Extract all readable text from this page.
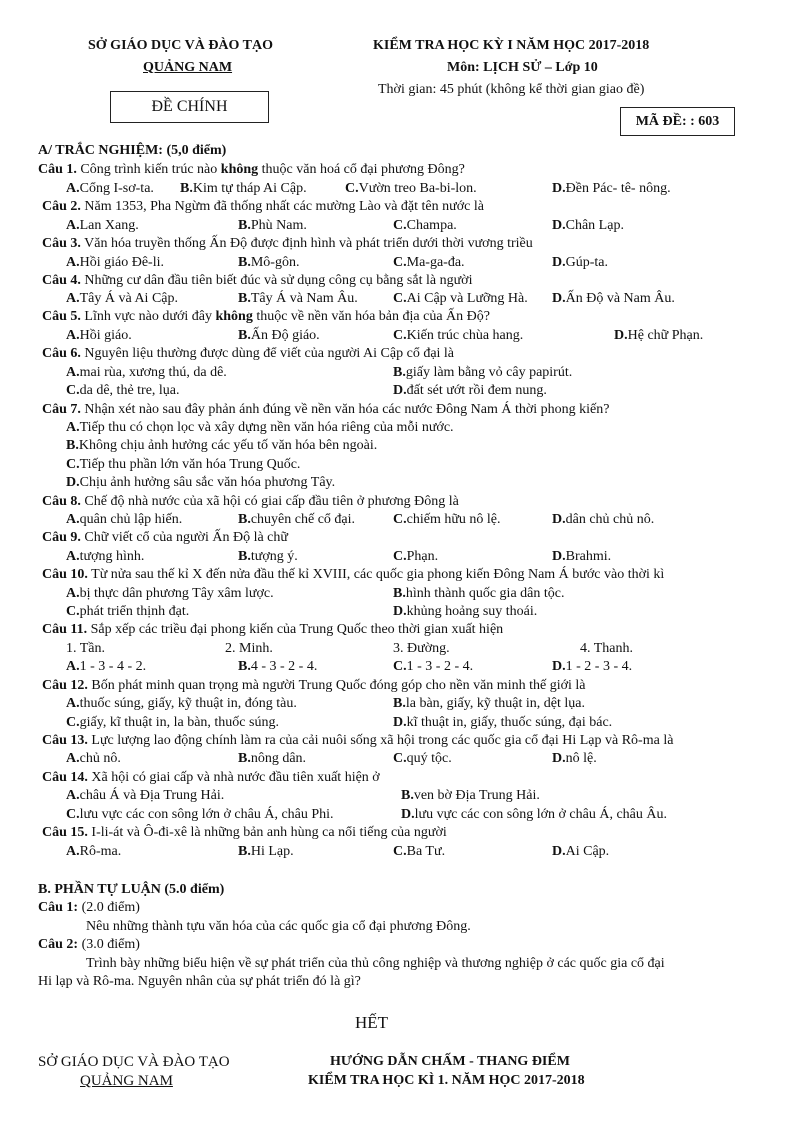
SỞ GIÁO DỤC VÀ ĐÀO TẠO
QUẢNG NAM
ĐỀ CHÍNH
KIỂM TRA HỌC KỲ I NĂM HỌC 2017-2018
Môn: LỊCH SỬ – Lớp 10
Thời gian: 45 phút (không kể thời gian giao đề)
MÃ ĐỀ: : 603
A/ TRẮC NGHIỆM: (5,0 điểm)
Câu 1. Công trình kiến trúc nào không thuộc văn hoá cổ đại phương Đông?
A.Cổng I-sơ-ta. B.Kim tự tháp Ai Cập.	C.Vườn treo Ba-bi-lon.	D.Đền Pác- tê- nông.
Câu 2. Năm 1353, Pha Ngừm đã thống nhất các mường Lào và đặt tên nước là
A.Lan Xang.	B.Phù Nam.	C.Champa.	D.Chân Lạp.
Câu 3. Văn hóa truyền thống Ấn Độ được định hình và phát triển dưới thời vương triều
A.Hồi giáo Đê-li.	B.Mô-gôn.	C.Ma-ga-đa.	D.Gúp-ta.
Câu 4. Những cư dân đầu tiên biết đúc và sử dụng công cụ bằng sắt là người
A.Tây Á và Ai Cập.	B.Tây Á và Nam Âu.	C.Ai Cập và Lưỡng Hà. D.Ấn Độ và Nam Âu.
Câu 5. Lĩnh vực nào dưới đây không thuộc về nền văn hóa bản địa của Ấn Độ?
A.Hồi giáo.	B.Ấn Độ giáo.	C.Kiến trúc chùa hang.	D.Hệ chữ Phạn.
Câu 6. Nguyên liệu thường được dùng để viết của người Ai Cập cổ đại là
A.mai rùa, xương thú, da dê.	B.giấy làm bằng vỏ cây papirút.
C.da dê, thẻ tre, lụa.	D.đất sét ướt rồi đem nung.
Câu 7. Nhận xét nào sau đây phản ánh đúng về nền văn hóa các nước Đông Nam Á thời phong kiến?
A.Tiếp thu có chọn lọc và xây dựng nền văn hóa riêng của mỗi nước.
B.Không chịu ảnh hưởng các yếu tố văn hóa bên ngoài.
C.Tiếp thu phần lớn văn hóa Trung Quốc.
D.Chịu ảnh hưởng sâu sắc văn hóa phương Tây.
Câu 8. Chế độ nhà nước của xã hội có giai cấp đầu tiên ở phương Đông là
A.quân chủ lập hiến.	B.chuyên chế cổ đại.	C.chiếm hữu nô lệ.	D.dân chủ chủ nô.
Câu 9. Chữ viết cổ của người Ấn Độ là chữ
A.tượng hình.	B.tượng ý.	C.Phạn.	D.Brahmi.
Câu 10. Từ nửa sau thế kỉ X đến nửa đầu thế kỉ XVIII, các quốc gia phong kiến Đông Nam Á bước vào thời kì
A.bị thực dân phương Tây xâm lược.	B.hình thành quốc gia dân tộc.
C.phát triển thịnh đạt.	D.khủng hoảng suy thoái.
Câu 11. Sắp xếp các triều đại phong kiến của Trung Quốc theo thời gian xuất hiện
1. Tần.	2. Minh.	3. Đường.	4. Thanh.
A.1 - 3 - 4 - 2.	B.4 - 3 - 2 - 4.	C.1 - 3 - 2 - 4.	D.1 - 2 - 3 - 4.
Câu 12. Bốn phát minh quan trọng mà người Trung Quốc đóng góp cho nền văn minh thế giới là
A.thuốc súng, giấy, kỹ thuật in, đóng tàu.	B.la bàn, giấy, kỹ thuật in, dệt lụa.
C.giấy, kĩ thuật in, la bàn, thuốc súng.	D.kĩ thuật in, giấy, thuốc súng, đại bác.
Câu 13. Lực lượng lao động chính làm ra của cải nuôi sống xã hội trong các quốc gia cổ đại Hi Lạp và Rô-ma là
A.chủ nô.	B.nông dân.	C.quý tộc.	D.nô lệ.
Câu 14. Xã hội có giai cấp và nhà nước đầu tiên xuất hiện ở
A.châu Á và Địa Trung Hải.	B.ven bờ Địa Trung Hải.
C.lưu vực các con sông lớn ở châu Á, châu Phi.	D.lưu vực các con sông lớn ở châu Á, châu Âu.
Câu 15. I-li-át và Ô-đi-xê là những bản anh hùng ca nổi tiếng của người
A.Rô-ma.	B.Hi Lạp.	C.Ba Tư.	D.Ai Cập.
B. PHẦN TỰ LUẬN (5.0 điểm)
Câu 1: (2.0 điểm)
Nêu những thành tựu văn hóa của các quốc gia cổ đại phương Đông.
Câu 2: (3.0 điểm)
Trình bày những biểu hiện về sự phát triển của thủ công nghiệp và thương nghiệp ở các quốc gia cổ đại
Hi lạp và Rô-ma. Nguyên nhân của sự phát triển đó là gì?
HẾT
SỞ GIÁO DỤC VÀ ĐÀO TẠO
QUẢNG NAM
HƯỚNG DẪN CHẤM - THANG ĐIỂM
KIỂM TRA HỌC KÌ 1. NĂM HỌC 2017-2018
